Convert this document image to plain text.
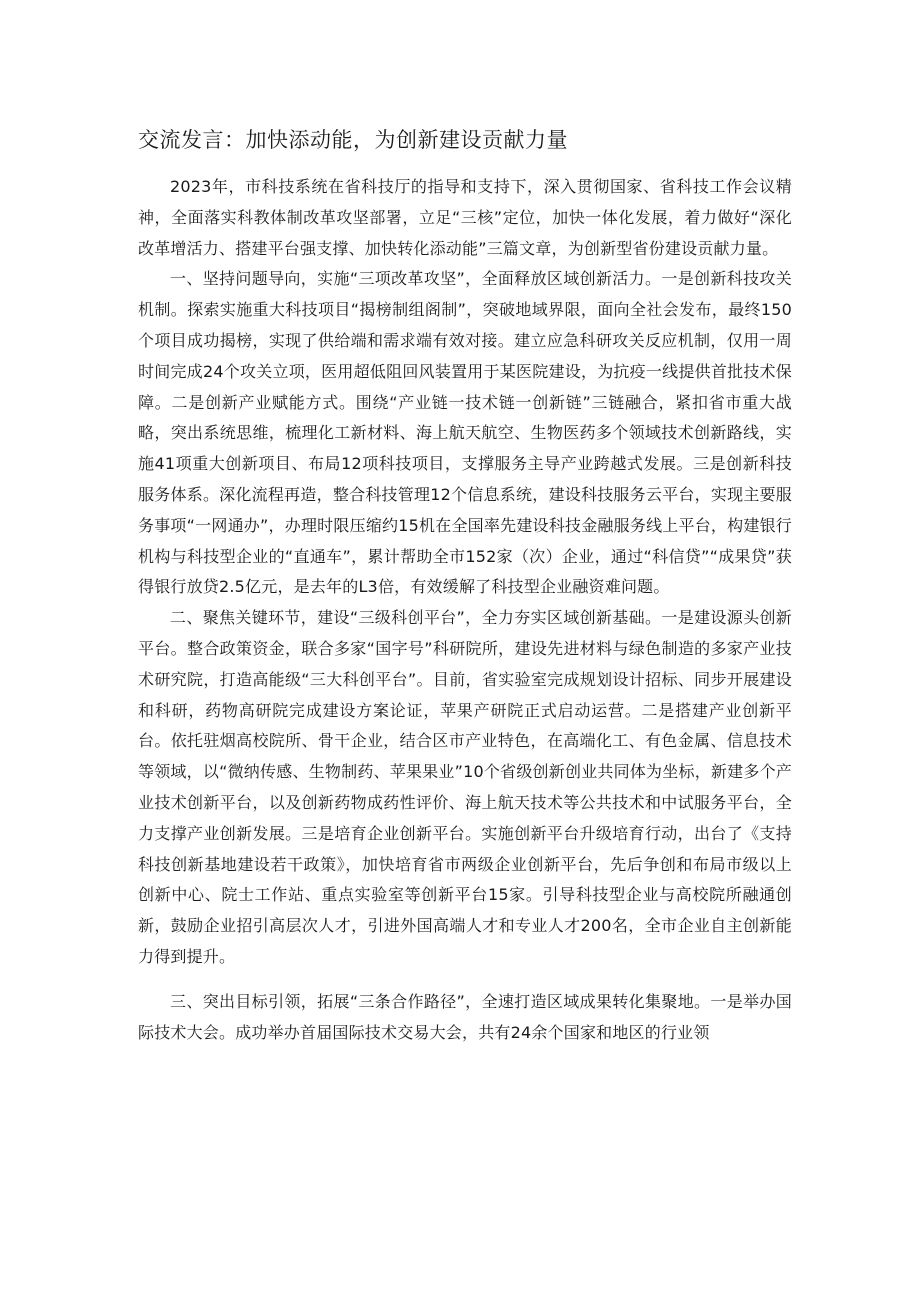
交流发言：加快添动能，为创新建设贡献力量

2023年，市科技系统在省科技厅的指导和支持下，深入贯彻国家、省科技工作会议精神，全面落实科教体制改革攻坚部署，立足“三核”定位，加快一体化发展，着力做好“深化改革增活力、搭建平台强支撑、加快转化添动能”三篇文章，为创新型省份建设贡献力量。

一、坚持问题导向，实施“三项改革攻坚”，全面释放区域创新活力。一是创新科技攻关机制。探索实施重大科技项目“揭榜制组阁制”，突破地域界限，面向全社会发布，最终150个项目成功揭榜，实现了供给端和需求端有效对接。建立应急科研攻关反应机制，仅用一周时间完成24个攻关立项，医用超低阻回风装置用于某医院建设，为抗疫一线提供首批技术保障。二是创新产业赋能方式。围绕“产业链一技术链一创新链”三链融合，紧扣省市重大战略，突出系统思维，梳理化工新材料、海上航天航空、生物医药多个领域技术创新路线，实施41项重大创新项目、布局12项科技项目，支撑服务主导产业跨越式发展。三是创新科技服务体系。深化流程再造，整合科技管理12个信息系统，建设科技服务云平台，实现主要服务事项“一网通办”，办理时限压缩约15机在全国率先建设科技金融服务线上平台，构建银行机构与科技型企业的“直通车”，累计帮助全市152家（次）企业，通过“科信贷”“成果贷”获得银行放贷2.5亿元，是去年的L3倍，有效缓解了科技型企业融资难问题。

二、聚焦关键环节，建设“三级科创平台”，全力夯实区域创新基础。一是建设源头创新平台。整合政策资金，联合多家“国字号”科研院所，建设先进材料与绿色制造的多家产业技术研究院，打造高能级“三大科创平台”。目前，省实验室完成规划设计招标、同步开展建设和科研，药物高研院完成建设方案论证，苹果产研院正式启动运营。二是搭建产业创新平台。依托驻烟高校院所、骨干企业，结合区市产业特色，在高端化工、有色金属、信息技术等领域，以“微纳传感、生物制药、苹果果业”10个省级创新创业共同体为坐标，新建多个产业技术创新平台，以及创新药物成药性评价、海上航天技术等公共技术和中试服务平台，全力支撑产业创新发展。三是培育企业创新平台。实施创新平台升级培育行动，出台了《支持科技创新基地建设若干政策》，加快培育省市两级企业创新平台，先后争创和布局市级以上创新中心、院士工作站、重点实验室等创新平台15家。引导科技型企业与高校院所融通创新，鼓励企业招引高层次人才，引进外国高端人才和专业人才200名，全市企业自主创新能力得到提升。

三、突出目标引领，拓展“三条合作路径”，全速打造区域成果转化集聚地。一是举办国际技术大会。成功举办首届国际技术交易大会，共有24余个国家和地区的行业领
